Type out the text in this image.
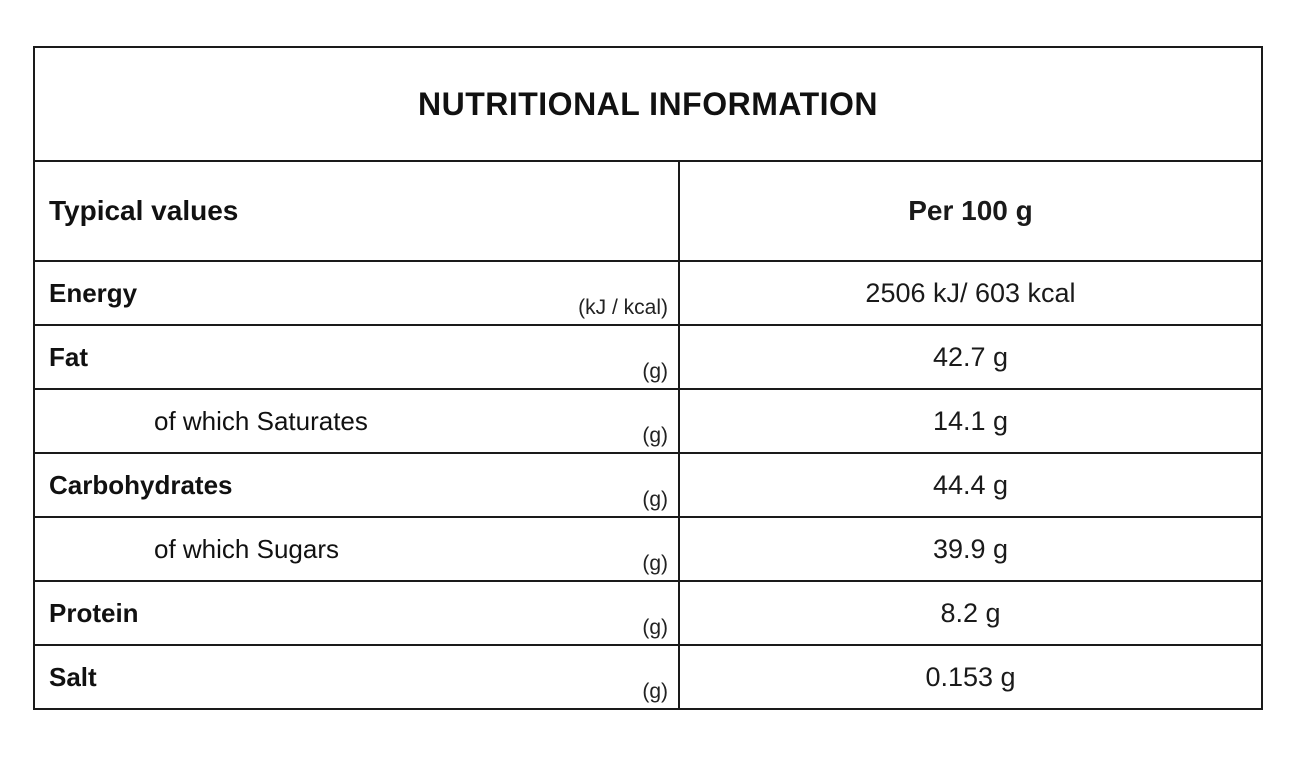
NUTRITIONAL INFORMATION
Typical values	Per 100 g
Energy	(kJ / kcal)	2506 kJ/ 603 kcal
Fat	(g)	42.7 g
of which Saturates	(g)	14.1 g
Carbohydrates	(g)	44.4 g
of which Sugars	(g)	39.9 g
Protein	(g)	8.2 g
Salt	(g)	0.153 g
